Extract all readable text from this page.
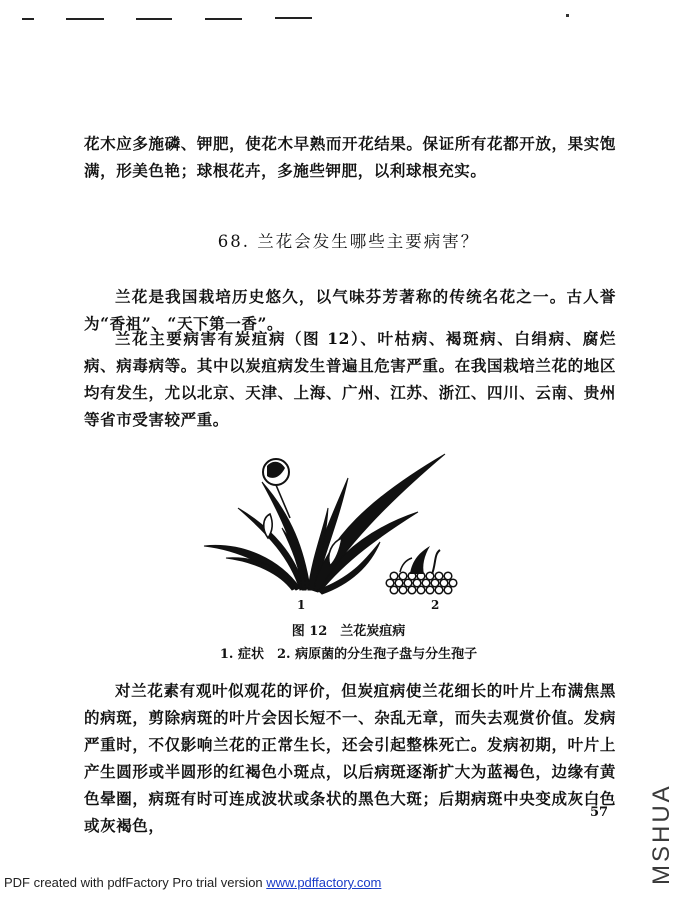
花木应多施磷、钾肥，使花木早熟而开花结果。保证所有花都开放，果实饱满，形美色艳；球根花卉，多施些钾肥，以利球根充实。

68. 兰花会发生哪些主要病害？

兰花是我国栽培历史悠久，以气味芬芳著称的传统名花之一。古人誉为“香祖”、“天下第一香”。

兰花主要病害有炭疽病（图 12）、叶枯病、褐斑病、白绢病、腐烂病、病毒病等。其中以炭疽病发生普遍且危害严重。在我国栽培兰花的地区均有发生，尤以北京、天津、上海、广州、江苏、浙江、四川、云南、贵州等省市受害较严重。

1	2
图 12　兰花炭疽病
1. 症状　2. 病原菌的分生孢子盘与分生孢子

对兰花素有观叶似观花的评价，但炭疽病使兰花细长的叶片上布满焦黑的病斑，剪除病斑的叶片会因长短不一、杂乱无章，而失去观赏价值。发病严重时，不仅影响兰花的正常生长，还会引起整株死亡。发病初期，叶片上产生圆形或半圆形的红褐色小斑点，以后病斑逐渐扩大为蓝褐色，边缘有黄色晕圈，病斑有时可连成波状或条状的黑色大斑；后期病斑中央变成灰白色或灰褐色，

57
PDF created with pdfFactory Pro trial version www.pdffactory.com	MSHUA
